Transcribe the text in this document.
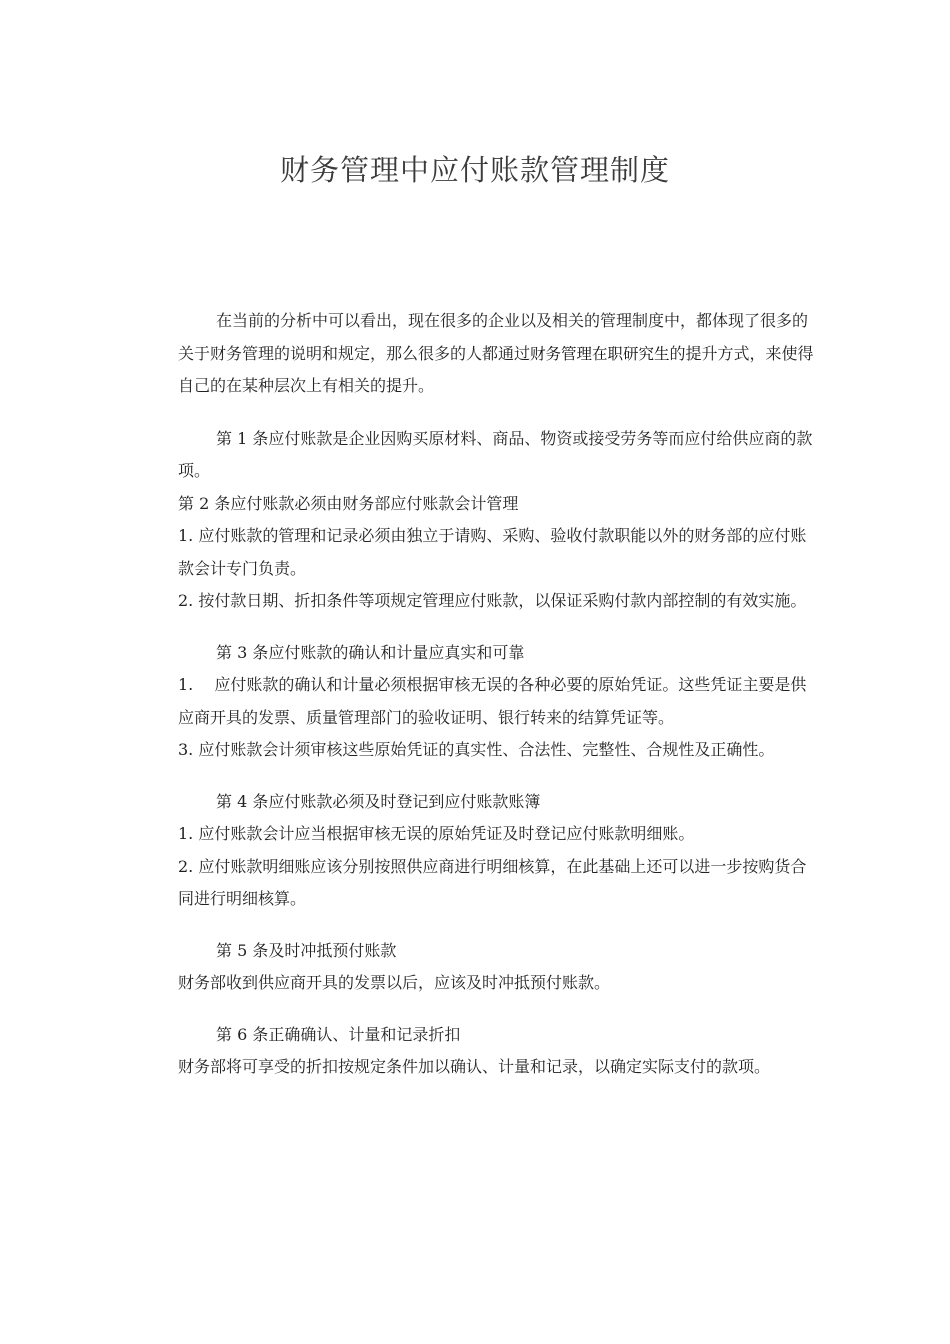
财务管理中应付账款管理制度

在当前的分析中可以看出，现在很多的企业以及相关的管理制度中，都体现了很多的关于财务管理的说明和规定，那么很多的人都通过财务管理在职研究生的提升方式，来使得自己的在某种层次上有相关的提升。

第 1 条应付账款是企业因购买原材料、商品、物资或接受劳务等而应付给供应商的款项。

第 2 条应付账款必须由财务部应付账款会计管理

1. 应付账款的管理和记录必须由独立于请购、采购、验收付款职能以外的财务部的应付账款会计专门负责。

2. 按付款日期、折扣条件等项规定管理应付账款，以保证采购付款内部控制的有效实施。

第 3 条应付账款的确认和计量应真实和可靠

1.　 应付账款的确认和计量必须根据审核无误的各种必要的原始凭证。这些凭证主要是供应商开具的发票、质量管理部门的验收证明、银行转来的结算凭证等。

3. 应付账款会计须审核这些原始凭证的真实性、合法性、完整性、合规性及正确性。

第 4 条应付账款必须及时登记到应付账款账簿

1. 应付账款会计应当根据审核无误的原始凭证及时登记应付账款明细账。

2. 应付账款明细账应该分别按照供应商进行明细核算，在此基础上还可以进一步按购货合同进行明细核算。

第 5 条及时冲抵预付账款

财务部收到供应商开具的发票以后，应该及时冲抵预付账款。

第 6 条正确确认、计量和记录折扣

财务部将可享受的折扣按规定条件加以确认、计量和记录，以确定实际支付的款项。
